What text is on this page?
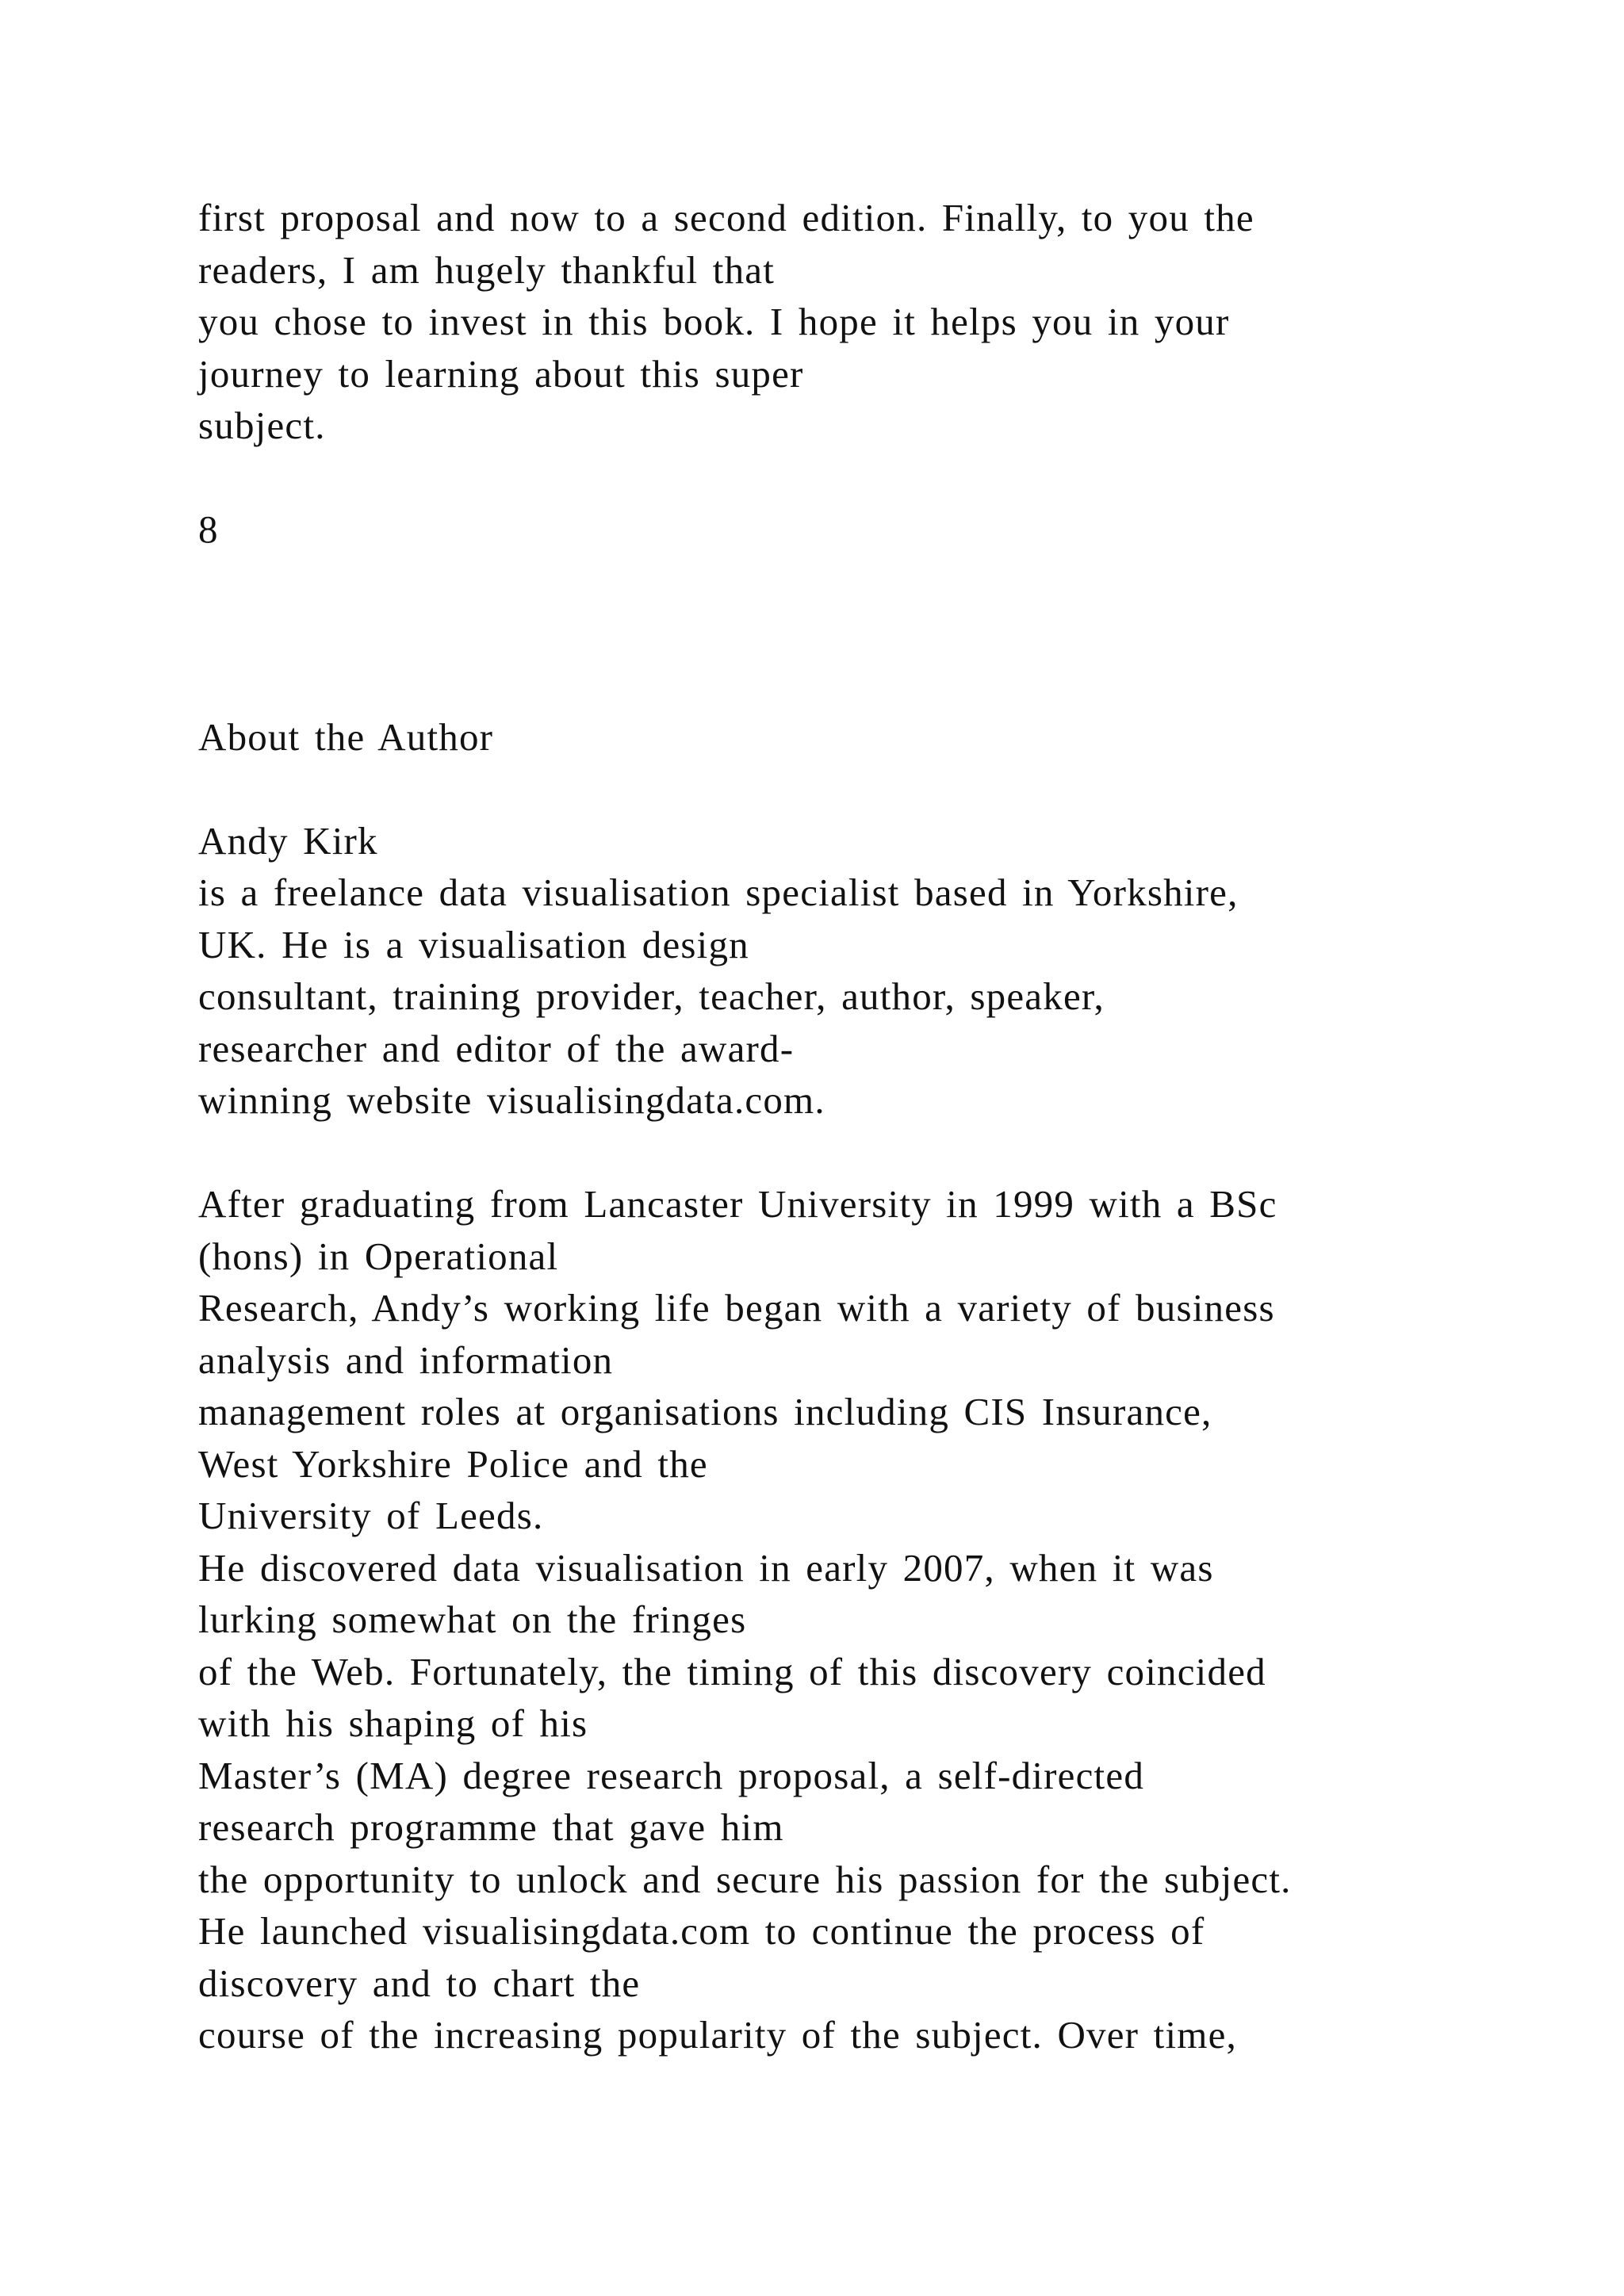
first proposal and now to a second edition. Finally, to you the
readers, I am hugely thankful that
you chose to invest in this book. I hope it helps you in your
journey to learning about this super
subject.
8
About the Author
Andy Kirk
is a freelance data visualisation specialist based in Yorkshire,
UK. He is a visualisation design
consultant, training provider, teacher, author, speaker,
researcher and editor of the award-
winning website visualisingdata.com.
After graduating from Lancaster University in 1999 with a BSc
(hons) in Operational
Research, Andy’s working life began with a variety of business
analysis and information
management roles at organisations including CIS Insurance,
West Yorkshire Police and the
University of Leeds.
He discovered data visualisation in early 2007, when it was
lurking somewhat on the fringes
of the Web. Fortunately, the timing of this discovery coincided
with his shaping of his
Master’s (MA) degree research proposal, a self-directed
research programme that gave him
the opportunity to unlock and secure his passion for the subject.
He launched visualisingdata.com to continue the process of
discovery and to chart the
course of the increasing popularity of the subject. Over time,
